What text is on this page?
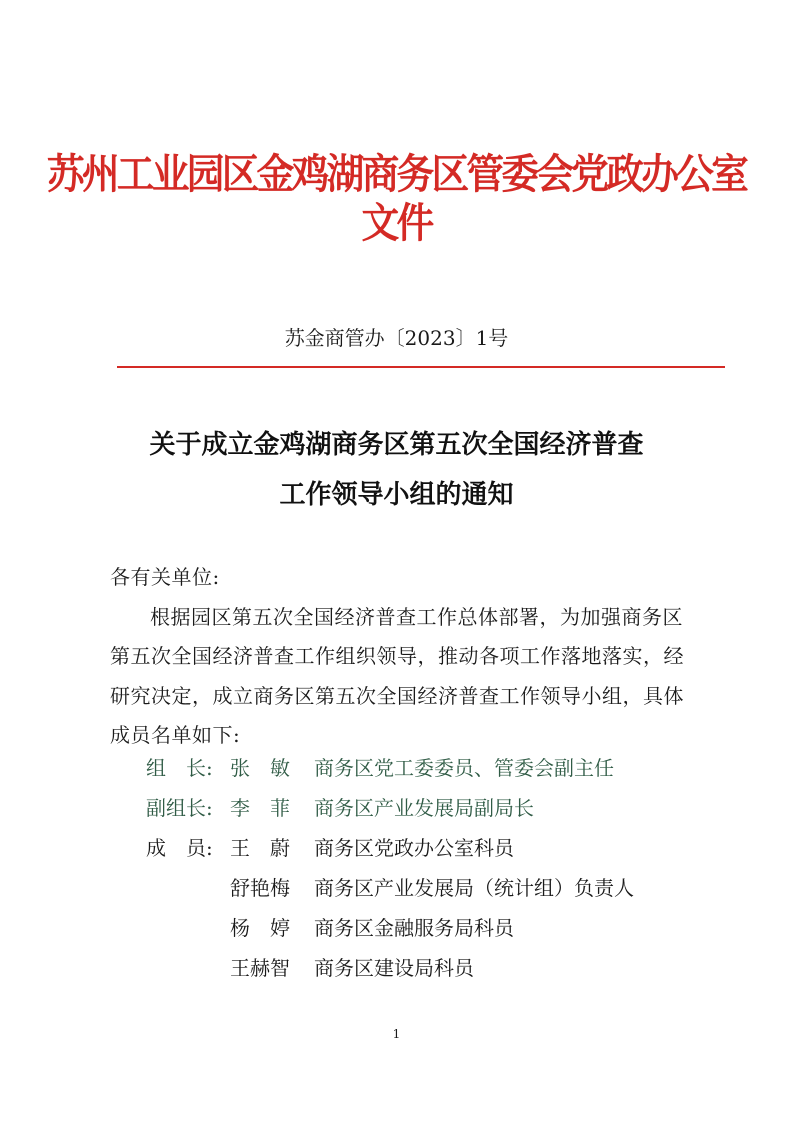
苏州工业园区金鸡湖商务区管委会党政办公室文件
苏金商管办〔2023〕1号
关于成立金鸡湖商务区第五次全国经济普查
工作领导小组的通知

各有关单位:

根据园区第五次全国经济普查工作总体部署，为加强商务区第五次全国经济普查工作组织领导，推动各项工作落地落实，经研究决定，成立商务区第五次全国经济普查工作领导小组，具体成员名单如下:

组　长: 张　敏	商务区党工委委员、管委会副主任
副组长: 李　菲	商务区产业发展局副局长
成　员: 王　蔚	商务区党政办公室科员
舒艳梅	商务区产业发展局（统计组）负责人
杨　婷	商务区金融服务局科员
王赫智	商务区建设局科员
1
